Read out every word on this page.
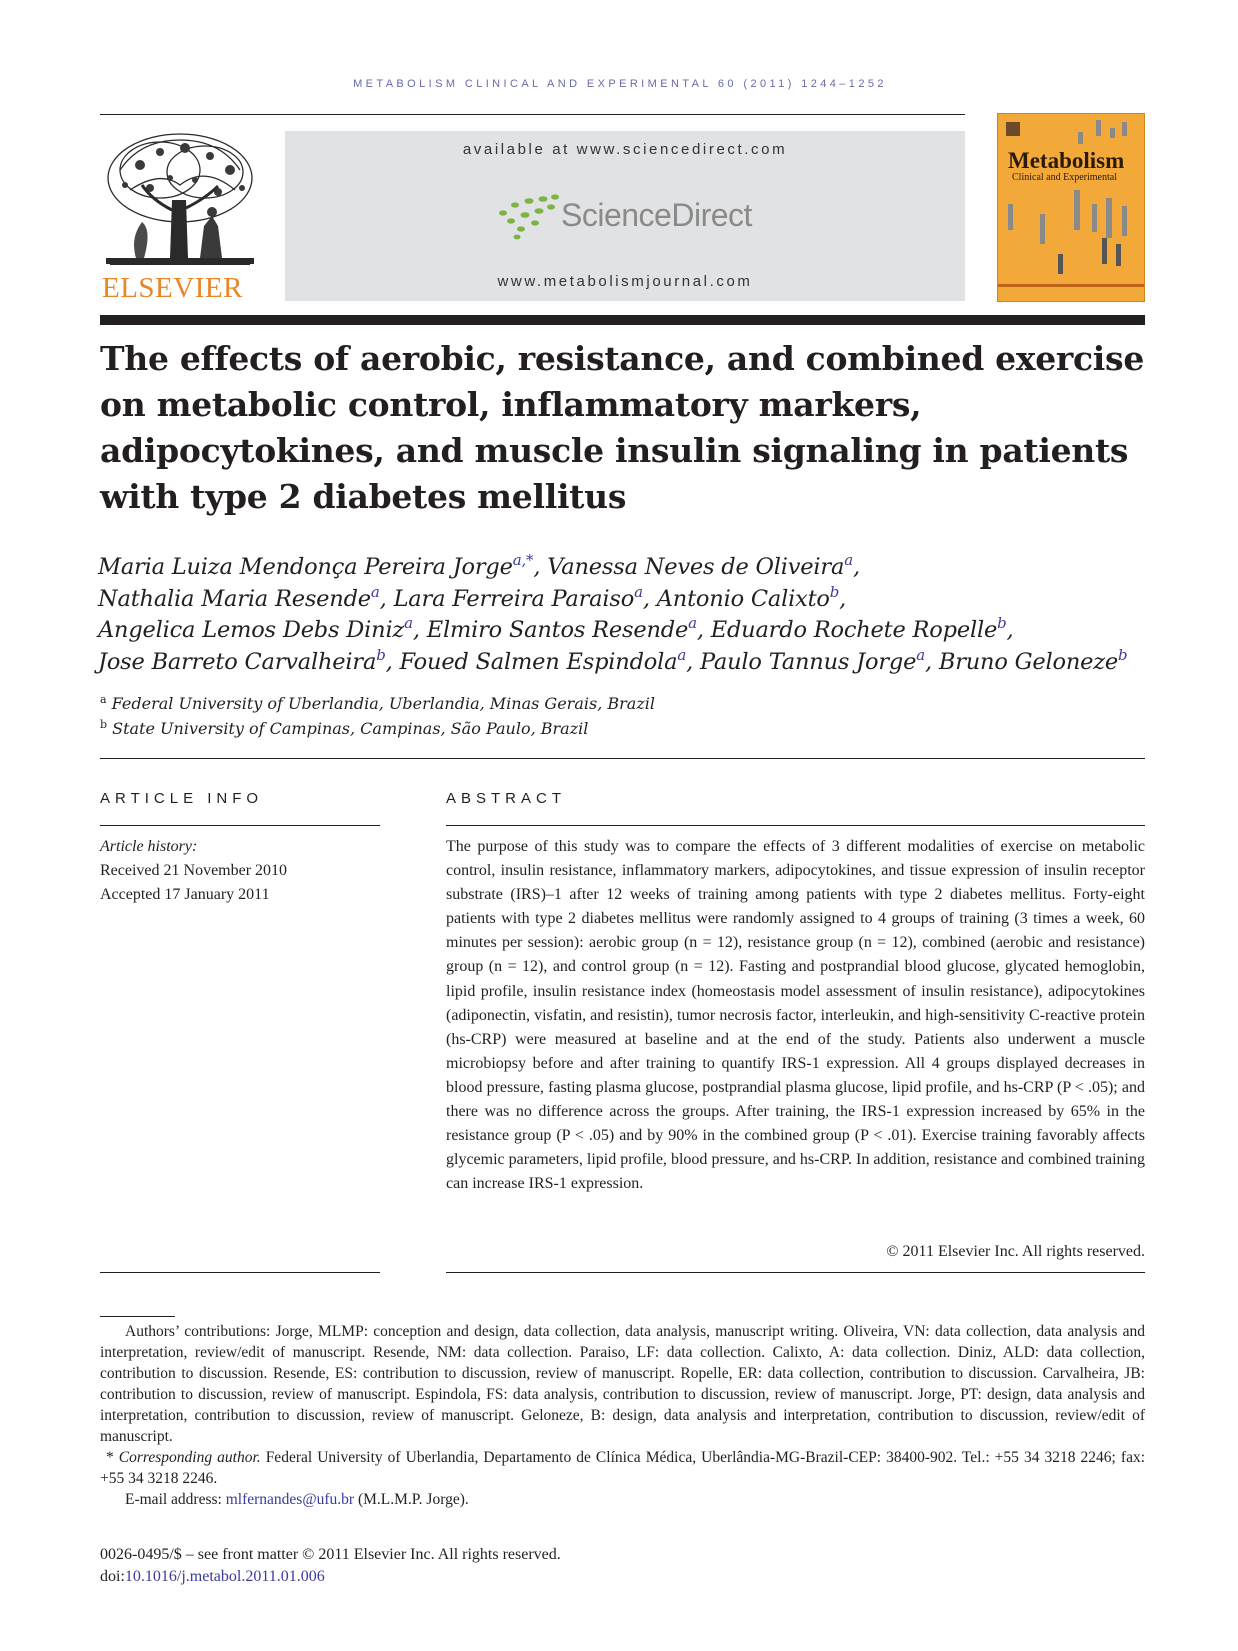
METABOLISM CLINICAL AND EXPERIMENTAL 60 (2011) 1244–1252
ELSEVIER
available at www.sciencedirect.com
ScienceDirect
www.metabolismjournal.com
Metabolism
Clinical and Experimental
The effects of aerobic, resistance, and combined exercise on metabolic control, inflammatory markers, adipocytokines, and muscle insulin signaling in patients with type 2 diabetes mellitus
Maria Luiza Mendonça Pereira Jorge$^{a,*}$, Vanessa Neves de Oliveira$^a$,
Nathalia Maria Resende$^a$, Lara Ferreira Paraiso$^a$, Antonio Calixto$^b$,
Angelica Lemos Debs Diniz$^a$, Elmiro Santos Resende$^a$, Eduardo Rochete Ropelle$^b$,
Jose Barreto Carvalheira$^b$, Foued Salmen Espindola$^a$, Paulo Tannus Jorge$^a$, Bruno Geloneze$^b$
$^a$ Federal University of Uberlandia, Uberlandia, Minas Gerais, Brazil
$^b$ State University of Campinas, Campinas, São Paulo, Brazil
ARTICLE INFO
Article history:
Received 21 November 2010
Accepted 17 January 2011
ABSTRACT

The purpose of this study was to compare the effects of 3 different modalities of exercise on metabolic control, insulin resistance, inflammatory markers, adipocytokines, and tissue expression of insulin receptor substrate (IRS)–1 after 12 weeks of training among patients with type 2 diabetes mellitus. Forty-eight patients with type 2 diabetes mellitus were randomly assigned to 4 groups of training (3 times a week, 60 minutes per session): aerobic group (n = 12), resistance group (n = 12), combined (aerobic and resistance) group (n = 12), and control group (n = 12). Fasting and postprandial blood glucose, glycated hemoglobin, lipid profile, insulin resistance index (homeostasis model assessment of insulin resistance), adipocytokines (adiponectin, visfatin, and resistin), tumor necrosis factor, interleukin, and high-sensitivity C-reactive protein (hs-CRP) were measured at baseline and at the end of the study. Patients also underwent a muscle microbiopsy before and after training to quantify IRS-1 expression. All 4 groups displayed decreases in blood pressure, fasting plasma glucose, postprandial plasma glucose, lipid profile, and hs-CRP (P < .05); and there was no difference across the groups. After training, the IRS-1 expression increased by 65% in the resistance group (P < .05) and by 90% in the combined group (P < .01). Exercise training favorably affects glycemic parameters, lipid profile, blood pressure, and hs-CRP. In addition, resistance and combined training can increase IRS-1 expression.

© 2011 Elsevier Inc. All rights reserved.

Authors’ contributions: Jorge, MLMP: conception and design, data collection, data analysis, manuscript writing. Oliveira, VN: data collection, data analysis and interpretation, review/edit of manuscript. Resende, NM: data collection. Paraiso, LF: data collection. Calixto, A: data collection. Diniz, ALD: data collection, contribution to discussion. Resende, ES: contribution to discussion, review of manuscript. Ropelle, ER: data collection, contribution to discussion. Carvalheira, JB: contribution to discussion, review of manuscript. Espindola, FS: data analysis, contribution to discussion, review of manuscript. Jorge, PT: design, data analysis and interpretation, contribution to discussion, review of manuscript. Geloneze, B: design, data analysis and interpretation, contribution to discussion, review/edit of manuscript.

* Corresponding author. Federal University of Uberlandia, Departamento de Clínica Médica, Uberlândia-MG-Brazil-CEP: 38400-902. Tel.: +55 34 3218 2246; fax: +55 34 3218 2246.

E-mail address: mlfernandes@ufu.br (M.L.M.P. Jorge).

0026-0495/$ – see front matter © 2011 Elsevier Inc. All rights reserved.
doi:10.1016/j.metabol.2011.01.006
